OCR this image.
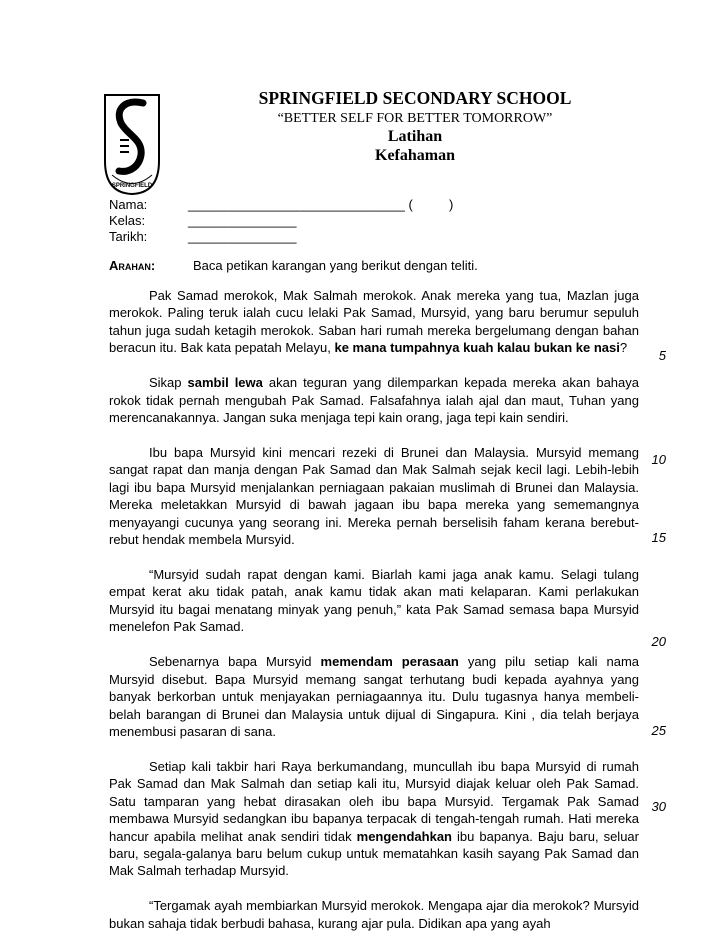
SPRINGFIELD
SPRINGFIELD SECONDARY SCHOOL
“BETTER SELF FOR BETTER TOMORROW”
Latihan
Kefahaman
Nama:	______________________________ (          )
Kelas:	_______________
Tarikh:	_______________
Arahan:	Baca petikan karangan yang berikut dengan teliti.

Pak Samad merokok, Mak Salmah merokok. Anak mereka yang tua, Mazlan juga merokok. Paling teruk ialah cucu lelaki Pak Samad, Mursyid, yang baru berumur sepuluh tahun juga sudah ketagih merokok. Saban hari rumah mereka bergelumang dengan bahan beracun itu. Bak kata pepatah Melayu, ke mana tumpahnya kuah kalau bukan ke nasi?

Sikap sambil lewa akan teguran yang dilemparkan kepada mereka akan bahaya rokok tidak pernah mengubah Pak Samad. Falsafahnya ialah ajal dan maut, Tuhan yang merencanakannya. Jangan suka menjaga tepi kain orang, jaga tepi kain sendiri.

Ibu bapa Mursyid kini mencari rezeki di Brunei dan Malaysia. Mursyid memang sangat rapat dan manja dengan Pak Samad dan Mak Salmah sejak kecil lagi. Lebih-lebih lagi ibu bapa Mursyid menjalankan perniagaan pakaian muslimah di Brunei dan Malaysia. Mereka meletakkan Mursyid di bawah jagaan ibu bapa mereka yang sememangnya menyayangi cucunya yang seorang ini. Mereka pernah berselisih faham kerana berebut-rebut hendak membela Mursyid.

“Mursyid sudah rapat dengan kami. Biarlah kami jaga anak kamu. Selagi tulang empat kerat aku tidak patah, anak kamu tidak akan mati kelaparan. Kami perlakukan Mursyid itu bagai menatang minyak yang penuh,” kata Pak Samad semasa bapa Mursyid menelefon Pak Samad.

Sebenarnya bapa Mursyid memendam perasaan yang pilu setiap kali nama Mursyid disebut. Bapa Mursyid memang sangat terhutang budi kepada ayahnya yang banyak berkorban untuk menjayakan perniagaannya itu. Dulu tugasnya hanya membeli-belah barangan di Brunei dan Malaysia untuk dijual di Singapura. Kini , dia telah berjaya menembusi pasaran di sana.

Setiap kali takbir hari Raya berkumandang, muncullah ibu bapa Mursyid di rumah Pak Samad dan Mak Salmah dan setiap kali itu, Mursyid diajak keluar oleh Pak Samad. Satu tamparan yang hebat dirasakan oleh ibu bapa Mursyid. Tergamak Pak Samad membawa Mursyid sedangkan ibu bapanya terpacak di tengah-tengah rumah. Hati mereka hancur apabila melihat anak sendiri tidak mengendahkan ibu bapanya. Baju baru, seluar baru, segala-galanya baru belum cukup untuk mematahkan kasih sayang Pak Samad dan Mak Salmah terhadap Mursyid.

“Tergamak ayah membiarkan Mursyid merokok. Mengapa ajar dia merokok? Mursyid bukan sahaja tidak berbudi bahasa, kurang ajar pula. Didikan apa yang ayah

5
10
15
20
25
30
